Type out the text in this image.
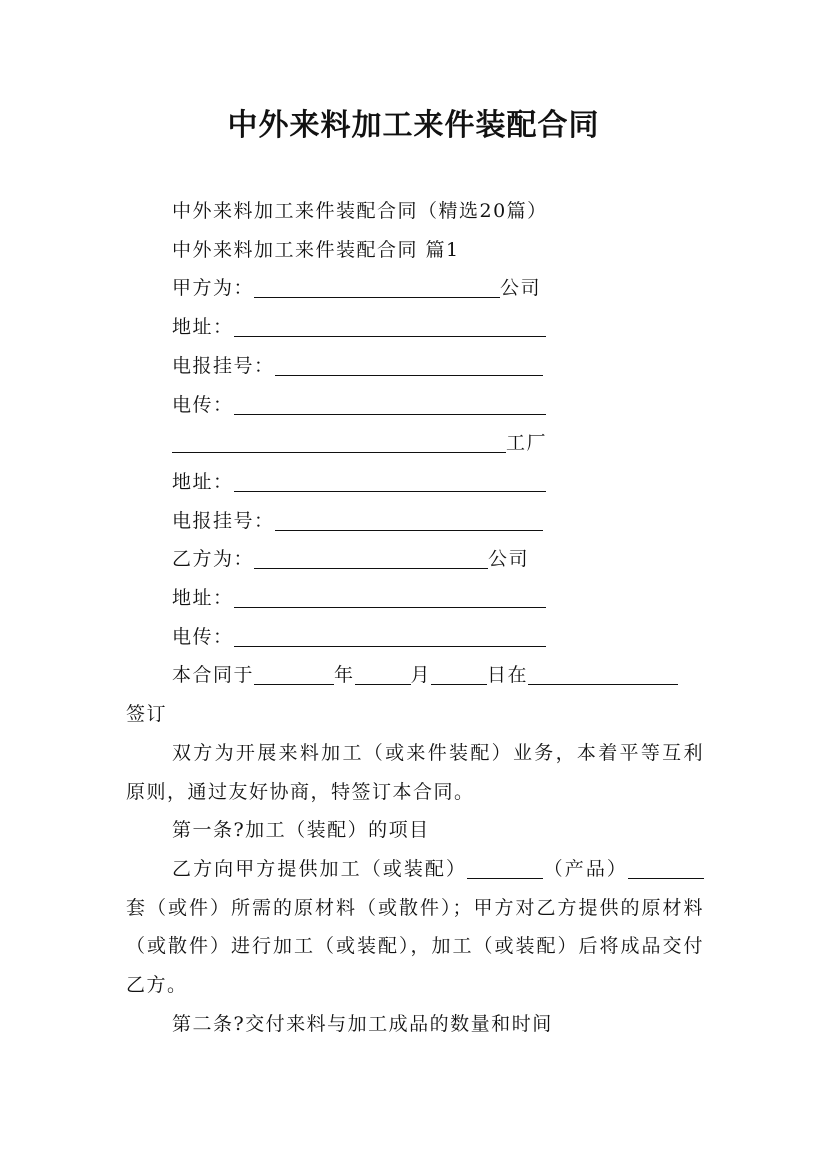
中外来料加工来件装配合同
中外来料加工来件装配合同（精选20篇）
中外来料加工来件装配合同 篇1
甲方为：	公司
地址：
电报挂号：
电传：
工厂
地址：
电报挂号：
乙方为：	公司
地址：
电传：
本合同于	年	月	日在
签订
双方为开展来料加工（或来件装配）业务，本着平等互利原则，通过友好协商，特签订本合同。
第一条?加工（装配）的项目
乙方向甲方提供加工（或装配）	（产品）套（或件）所需的原材料（或散件）；甲方对乙方提供的原材料（或散件）进行加工（或装配），加工（或装配）后将成品交付乙方。
第二条?交付来料与加工成品的数量和时间
